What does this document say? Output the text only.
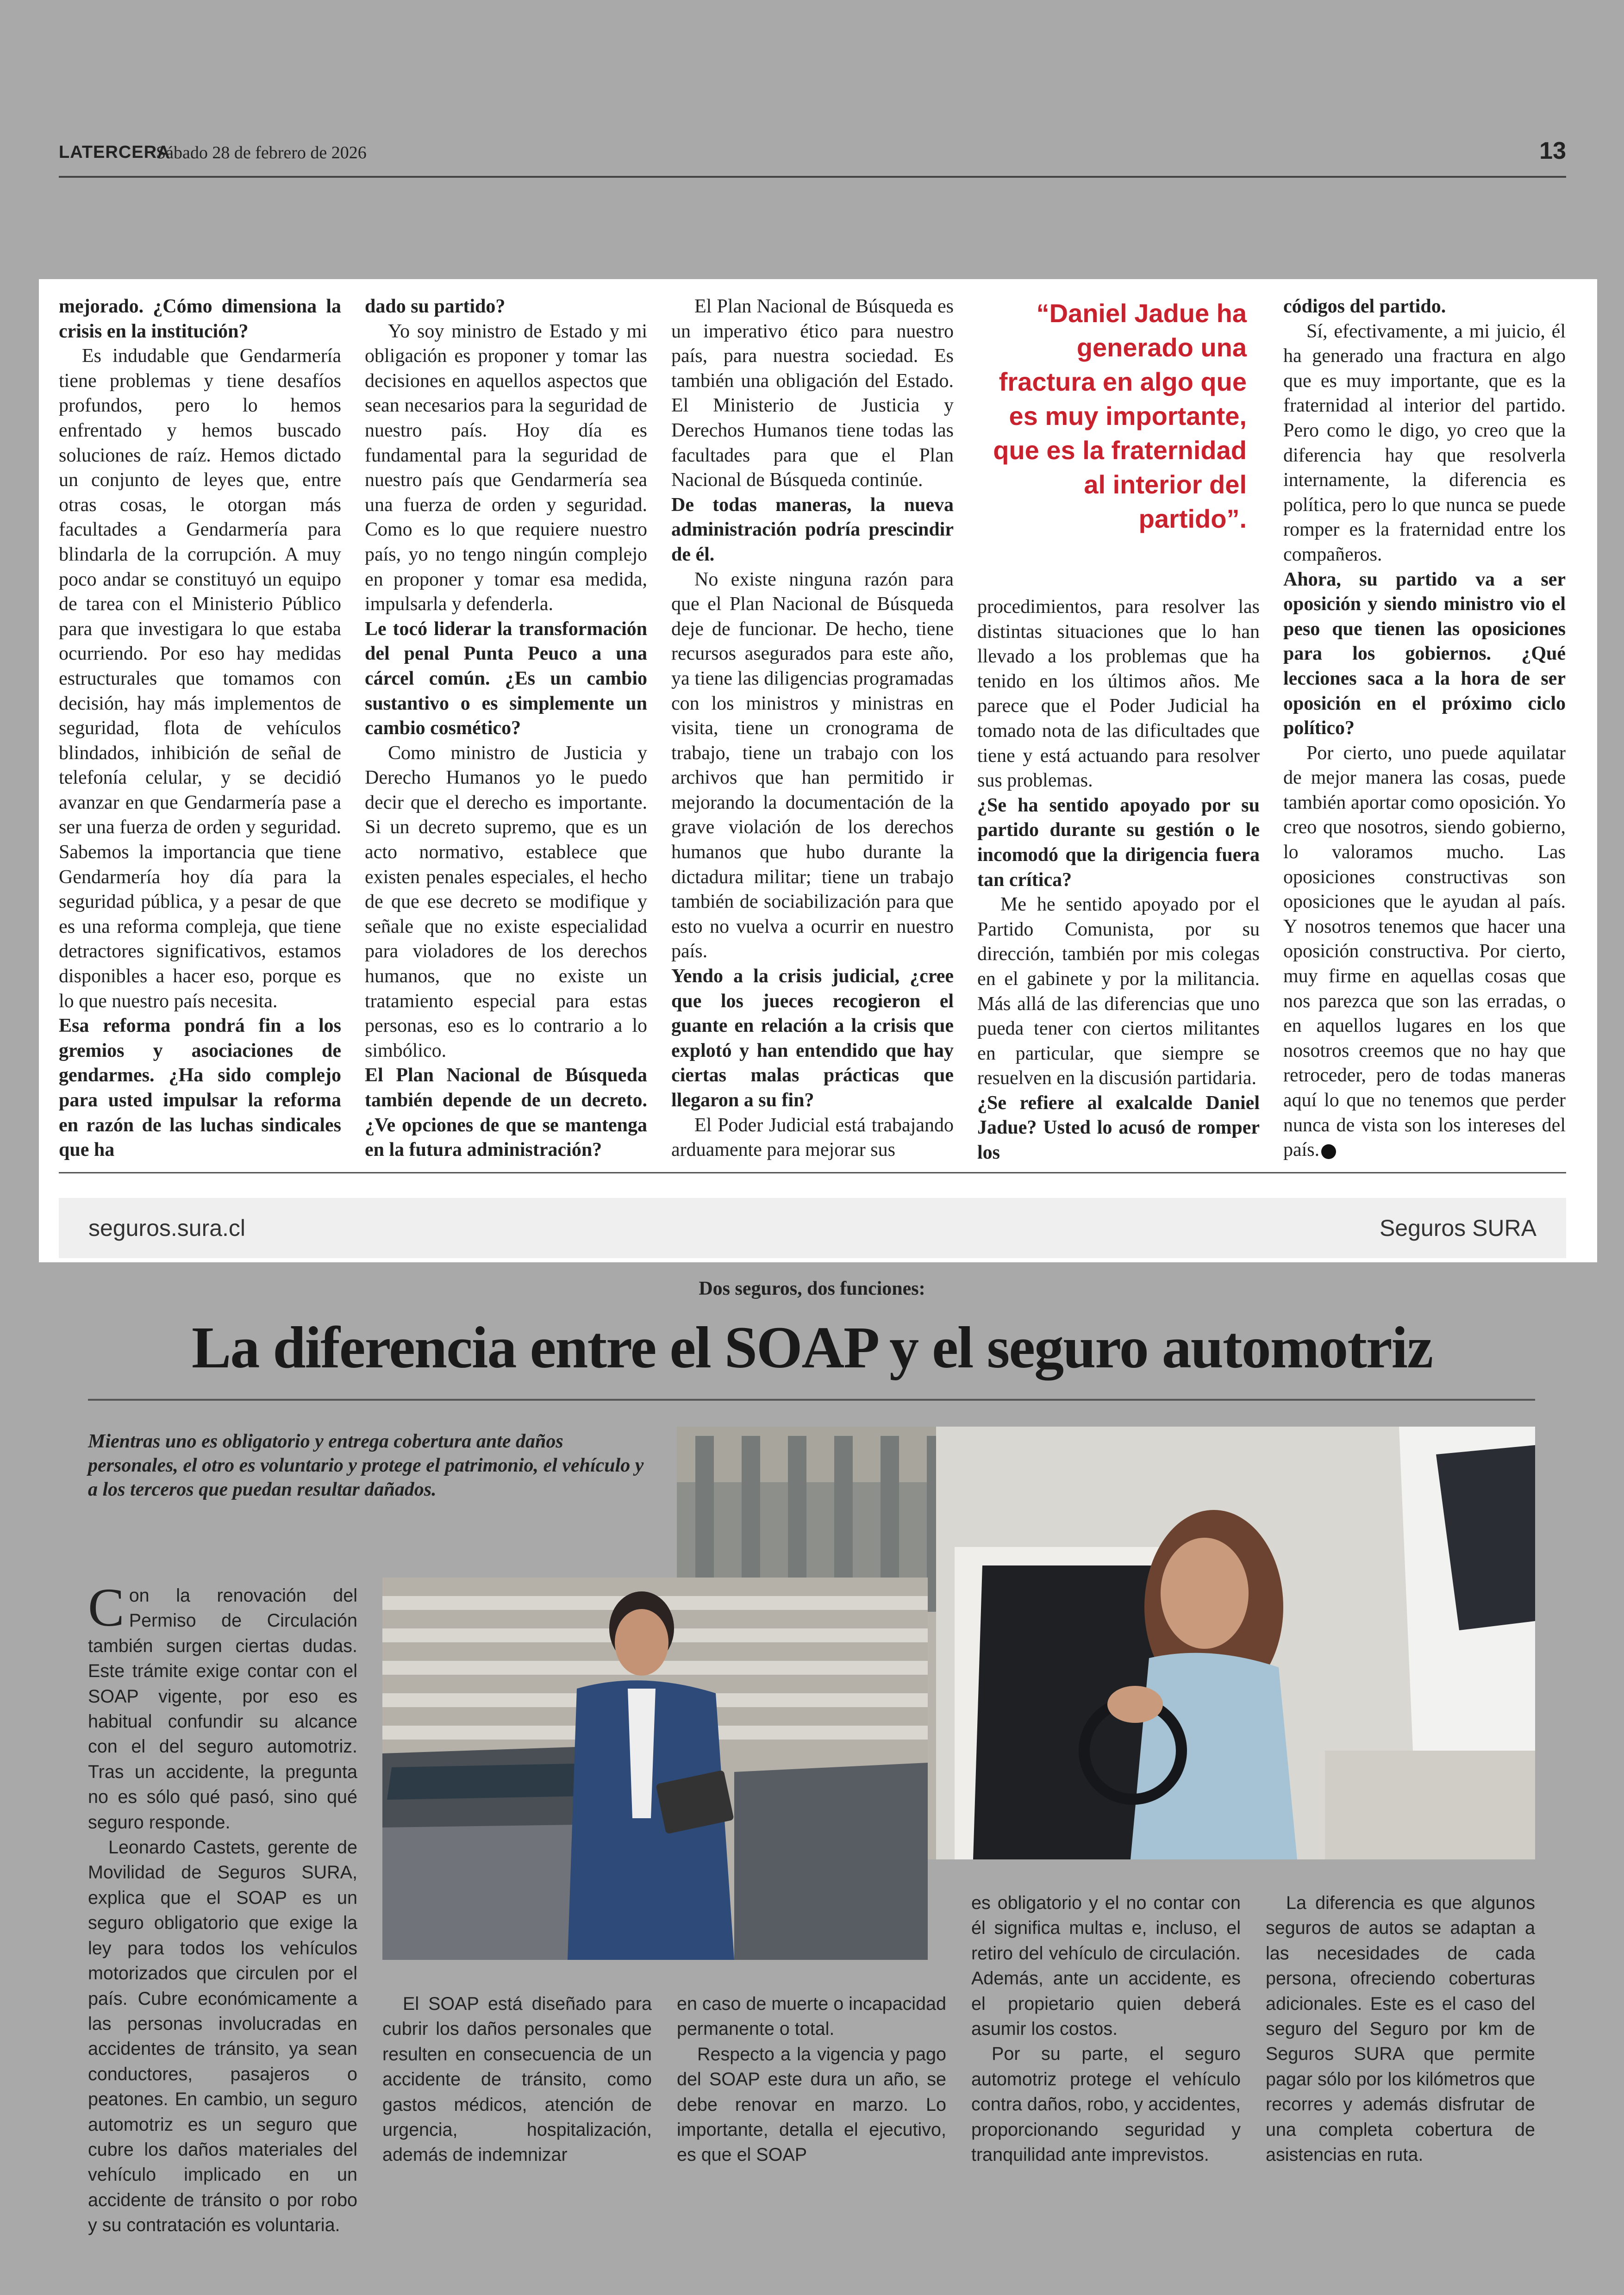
LATERCERA
Sábado 28 de febrero de 2026	13

mejorado. ¿Cómo dimensiona la crisis en la institución?

Es indudable que Gendarmería tiene problemas y tiene desafíos profundos, pero lo hemos enfrentado y hemos buscado soluciones de raíz. Hemos dictado un conjunto de leyes que, entre otras cosas, le otorgan más facultades a Gendarmería para blindarla de la corrupción. A muy poco andar se constituyó un equipo de tarea con el Ministerio Público para que investigara lo que estaba ocurriendo. Por eso hay medidas estructurales que tomamos con decisión, hay más implementos de seguridad, flota de vehículos blindados, inhibición de señal de telefonía celular, y se decidió avanzar en que Gendarmería pase a ser una fuerza de orden y seguridad. Sabemos la importancia que tiene Gendarmería hoy día para la seguridad pública, y a pesar de que es una reforma compleja, que tiene detractores significativos, estamos disponibles a hacer eso, porque es lo que nuestro país necesita.

Esa reforma pondrá fin a los gremios y asociaciones de gendarmes. ¿Ha sido complejo para usted impulsar la reforma en razón de las luchas sindicales que ha

dado su partido?

Yo soy ministro de Estado y mi obligación es proponer y tomar las decisiones en aquellos aspectos que sean necesarios para la seguridad de nuestro país. Hoy día es fundamental para la seguridad de nuestro país que Gendarmería sea una fuerza de orden y seguridad. Como es lo que requiere nuestro país, yo no tengo ningún complejo en proponer y tomar esa medida, impulsarla y defenderla.

Le tocó liderar la transformación del penal Punta Peuco a una cárcel común. ¿Es un cambio sustantivo o es simplemente un cambio cosmético?

Como ministro de Justicia y Derecho Humanos yo le puedo decir que el derecho es importante. Si un decreto supremo, que es un acto normativo, establece que existen penales especiales, el hecho de que ese decreto se modifique y señale que no existe especialidad para violadores de los derechos humanos, que no existe un tratamiento especial para estas personas, eso es lo contrario a lo simbólico.

El Plan Nacional de Búsqueda también depende de un decreto. ¿Ve opciones de que se mantenga en la futura administración?

El Plan Nacional de Búsqueda es un imperativo ético para nuestro país, para nuestra sociedad. Es también una obligación del Estado. El Ministerio de Justicia y Derechos Humanos tiene todas las facultades para que el Plan Nacional de Búsqueda continúe.

De todas maneras, la nueva administración podría prescindir de él.

No existe ninguna razón para que el Plan Nacional de Búsqueda deje de funcionar. De hecho, tiene recursos asegurados para este año, ya tiene las diligencias programadas con los ministros y ministras en visita, tiene un cronograma de trabajo, tiene un trabajo con los archivos que han permitido ir mejorando la documentación de la grave violación de los derechos humanos que hubo durante la dictadura militar; tiene un trabajo también de sociabilización para que esto no vuelva a ocurrir en nuestro país.

Yendo a la crisis judicial, ¿cree que los jueces recogieron el guante en relación a la crisis que explotó y han entendido que hay ciertas malas prácticas que llegaron a su fin?

El Poder Judicial está trabajando arduamente para mejorar sus

“Daniel Jadue ha generado una fractura en algo que es muy importante, que es la fraternidad al interior del partido”.

procedimientos, para resolver las distintas situaciones que lo han llevado a los problemas que ha tenido en los últimos años. Me parece que el Poder Judicial ha tomado nota de las dificultades que tiene y está actuando para resolver sus problemas.

¿Se ha sentido apoyado por su partido durante su gestión o le incomodó que la dirigencia fuera tan crítica?

Me he sentido apoyado por el Partido Comunista, por su dirección, también por mis colegas en el gabinete y por la militancia. Más allá de las diferencias que uno pueda tener con ciertos militantes en particular, que siempre se resuelven en la discusión partidaria.

¿Se refiere al exalcalde Daniel Jadue? Usted lo acusó de romper los

códigos del partido.

Sí, efectivamente, a mi juicio, él ha generado una fractura en algo que es muy importante, que es la fraternidad al interior del partido. Pero como le digo, yo creo que la diferencia hay que resolverla internamente, la diferencia es política, pero lo que nunca se puede romper es la fraternidad entre los compañeros.

Ahora, su partido va a ser oposición y siendo ministro vio el peso que tienen las oposiciones para los gobiernos. ¿Qué lecciones saca a la hora de ser oposición en el próximo ciclo político?

Por cierto, uno puede aquilatar de mejor manera las cosas, puede también aportar como oposición. Yo creo que nosotros, siendo gobierno, lo valoramos mucho. Las oposiciones constructivas son oposiciones que le ayudan al país. Y nosotros tenemos que hacer una oposición constructiva. Por cierto, muy firme en aquellas cosas que nos parezca que son las erradas, o en aquellos lugares en los que nosotros creemos que no hay que retroceder, pero de todas maneras aquí lo que no tenemos que perder nunca de vista son los intereses del país.

seguros.sura.cl	Seguros SURA
Dos seguros, dos funciones:
La diferencia entre el SOAP y el seguro automotriz
Mientras uno es obligatorio y entrega cobertura ante daños personales, el otro es voluntario y protege el patrimonio, el vehículo y a los terceros que puedan resultar dañados.

Con la renovación del Permiso de Circulación también surgen ciertas dudas. Este trámite exige contar con el SOAP vigente, por eso es habitual confundir su alcance con el del seguro automotriz. Tras un accidente, la pregunta no es sólo qué pasó, sino qué seguro responde.

Leonardo Castets, gerente de Movilidad de Seguros SURA, explica que el SOAP es un seguro obligatorio que exige la ley para todos los vehículos motorizados que circulen por el país. Cubre económicamente a las personas involucradas en accidentes de tránsito, ya sean conductores, pasajeros o peatones. En cambio, un seguro automotriz es un seguro que cubre los daños materiales del vehículo implicado en un accidente de tránsito o por robo y su contratación es voluntaria.

El SOAP está diseñado para cubrir los daños personales que resulten en consecuencia de un accidente de tránsito, como gastos médicos, atención de urgencia, hospitalización, además de indemnizar

en caso de muerte o incapacidad permanente o total.

Respecto a la vigencia y pago del SOAP este dura un año, se debe renovar en marzo. Lo importante, detalla el ejecutivo, es que el SOAP

es obligatorio y el no contar con él significa multas e, incluso, el retiro del vehículo de circulación. Además, ante un accidente, es el propietario quien deberá asumir los costos.

Por su parte, el seguro automotriz protege el vehículo contra daños, robo, y accidentes, proporcionando seguridad y tranquilidad ante imprevistos.

La diferencia es que algunos seguros de autos se adaptan a las necesidades de cada persona, ofreciendo coberturas adicionales. Este es el caso del seguro del Seguro por km de Seguros SURA que permite pagar sólo por los kilómetros que recorres y además disfrutar de una completa cobertura de asistencias en ruta.
